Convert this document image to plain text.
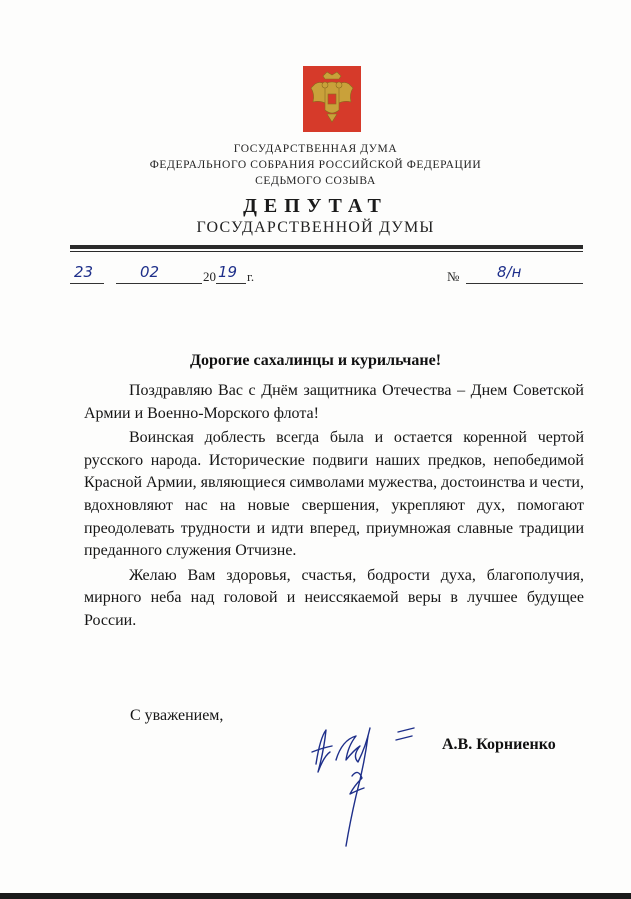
ГОСУДАРСТВЕННАЯ ДУМА
ФЕДЕРАЛЬНОГО СОБРАНИЯ РОССИЙСКОЙ ФЕДЕРАЦИИ
СЕДЬМОГО СОЗЫВА
ДЕПУТАТ
ГОСУДАРСТВЕННОЙ ДУМЫ
23	02	20 19 г.	№	8/н
Дорогие сахалинцы и курильчане!

Поздравляю Вас с Днём защитника Отечества – Днем Советской Армии и Военно-Морского флота!

Воинская доблесть всегда была и остается коренной чертой русского народа. Исторические подвиги наших предков, непобедимой Красной Армии, являющиеся символами мужества, достоинства и чести, вдохновляют нас на новые свершения, укрепляют дух, помогают преодолевать трудности и идти вперед, приумножая славные традиции преданного служения Отчизне.

Желаю Вам здоровья, счастья, бодрости духа, благополучия, мирного неба над головой и неиссякаемой веры в лучшее будущее России.

С уважением,
А.В. Корниенко
